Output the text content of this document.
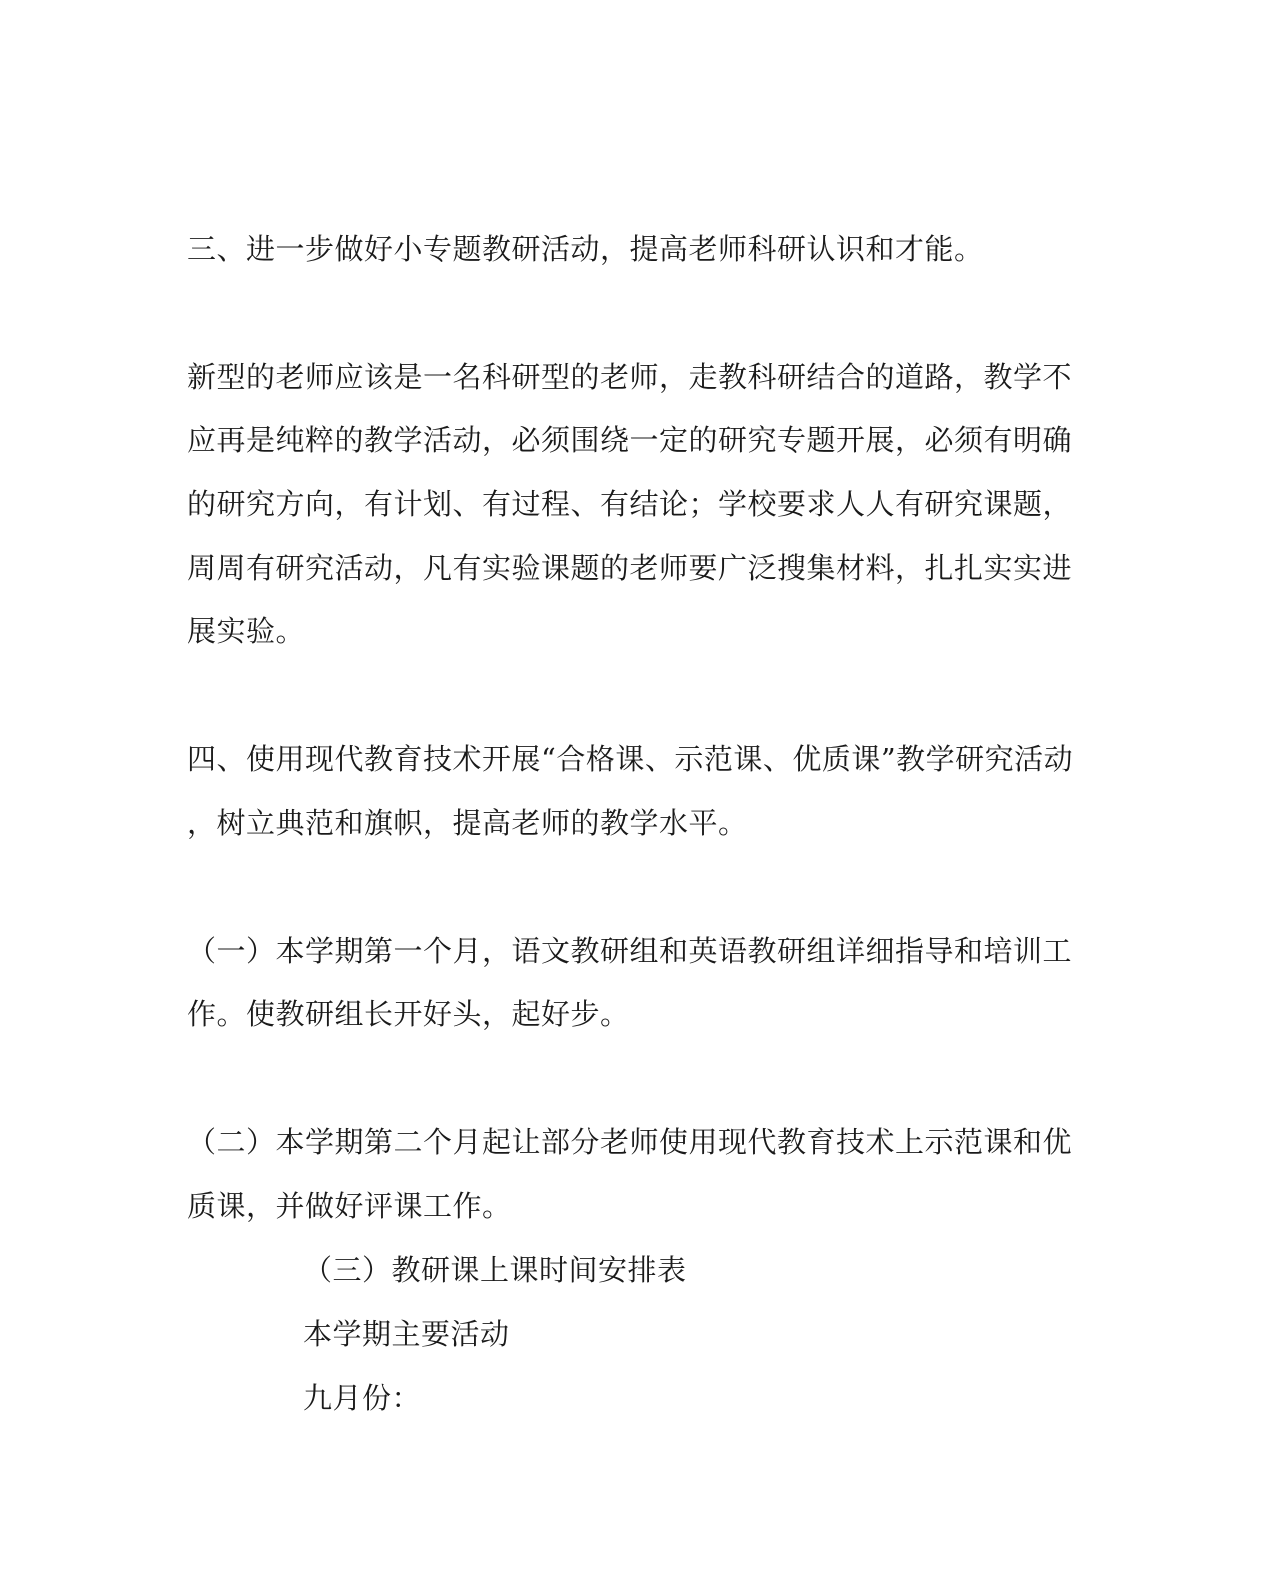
三、进一步做好小专题教研活动，提高老师科研认识和才能。
新型的老师应该是一名科研型的老师，走教科研结合的道路，教学不
应再是纯粹的教学活动，必须围绕一定的研究专题开展，必须有明确
的研究方向，有计划、有过程、有结论；学校要求人人有研究课题，
周周有研究活动，凡有实验课题的老师要广泛搜集材料，扎扎实实进
展实验。
四、使用现代教育技术开展“合格课、示范课、优质课”教学研究活动
，树立典范和旗帜，提高老师的教学水平。
（一）本学期第一个月，语文教研组和英语教研组详细指导和培训工
作。使教研组长开好头，起好步。
（二）本学期第二个月起让部分老师使用现代教育技术上示范课和优
质课，并做好评课工作。
（三）教研课上课时间安排表
本学期主要活动
九月份：
